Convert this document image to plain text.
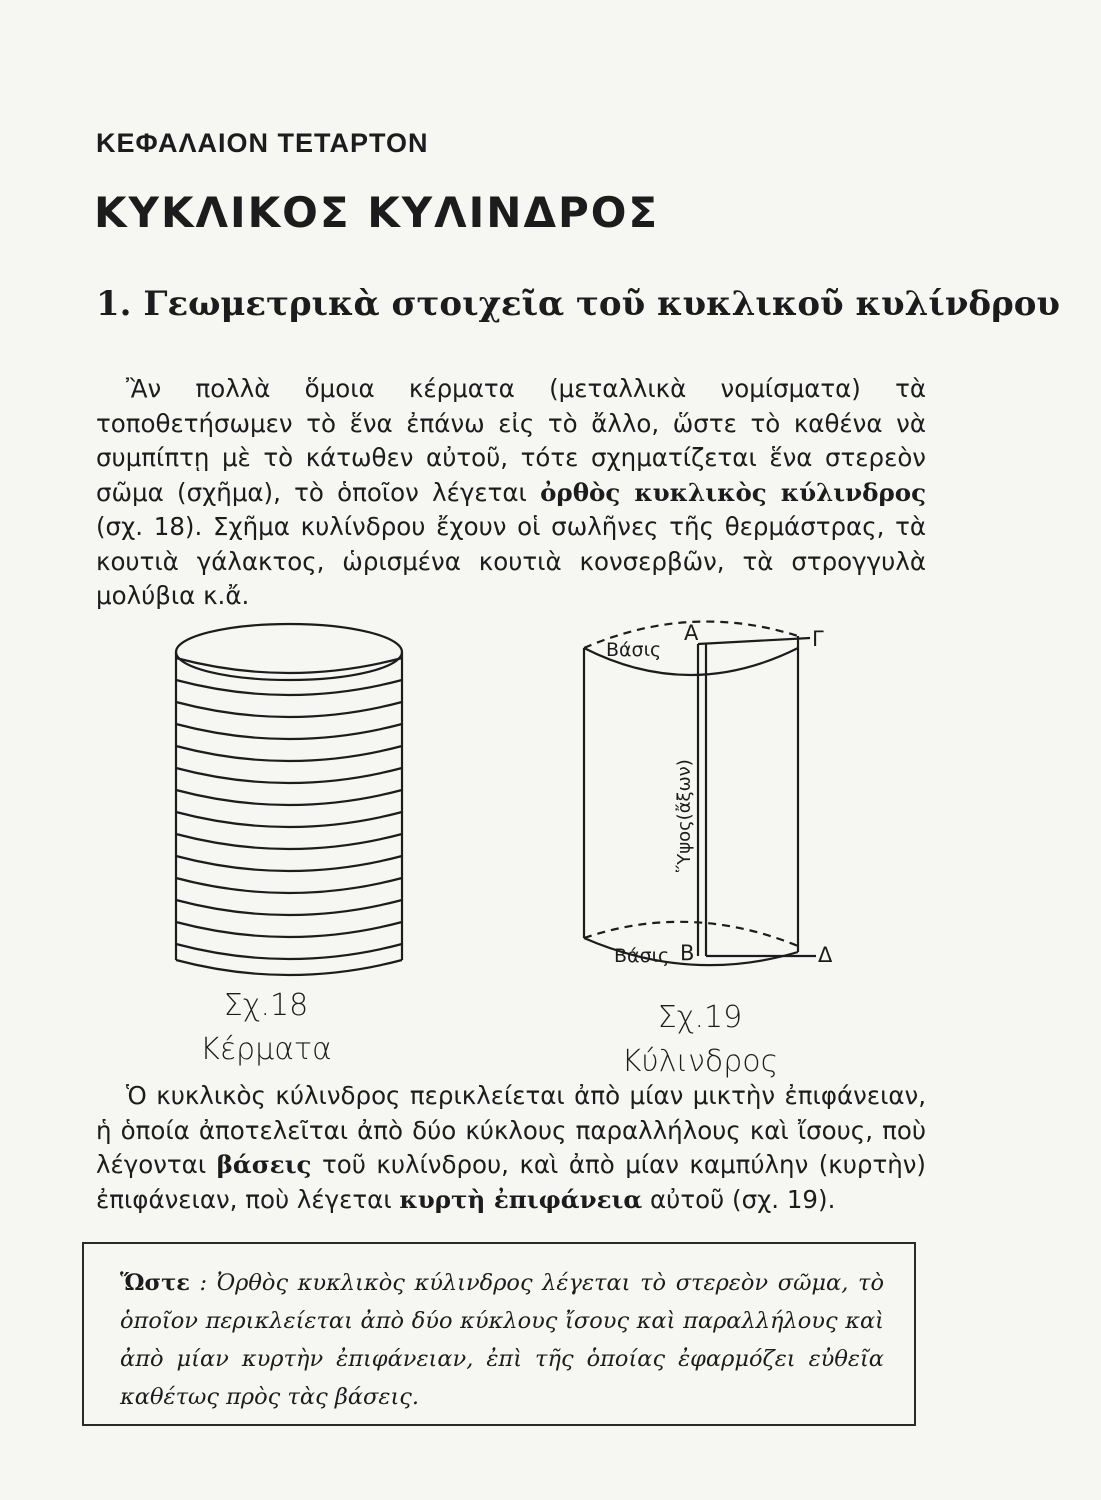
ΚΕΦΑΛΑΙΟΝ ΤΕΤΑΡΤΟΝ
ΚΥΚΛΙΚΟΣ ΚΥΛΙΝΔΡΟΣ
1. Γεωμετρικὰ στοιχεῖα τοῦ κυκλικοῦ κυλίνδρου
Ἂν πολλὰ ὅμοια κέρματα (μεταλλικὰ νομίσματα) τὰ τοποθετήσωμεν τὸ ἕνα ἐπάνω εἰς τὸ ἄλλο, ὥστε τὸ καθένα νὰ συμπίπτῃ μὲ τὸ κάτωθεν αὐτοῦ, τότε σχηματίζεται ἕνα στερεὸν σῶμα (σχῆμα), τὸ ὁποῖον λέγεται ὀρθὸς κυκλικὸς κύλινδρος (σχ. 18). Σχῆμα κυλίνδρου ἔχουν οἱ σωλῆνες τῆς θερμάστρας, τὰ κουτιὰ γάλακτος, ὡρισμένα κουτιὰ κονσερβῶν, τὰ στρογγυλὰ μολύβια κ.ἄ.
Σχ.18
Κέρματα
Βάσις
Α	Γ
Βάσις Β	Δ
Ὕψος(ἄξων)
Σχ.19
Κύλινδρος
Ὁ κυκλικὸς κύλινδρος περικλείεται ἀπὸ μίαν μικτὴν ἐπιφάνειαν, ἡ ὁποία ἀποτελεῖται ἀπὸ δύο κύκλους παραλλήλους καὶ ἴσους, ποὺ λέγονται βάσεις τοῦ κυλίνδρου, καὶ ἀπὸ μίαν καμπύλην (κυρτὴν) ἐπιφάνειαν, ποὺ λέγεται κυρτὴ ἐπιφάνεια αὐτοῦ (σχ. 19).
Ὥστε : Ὀρθὸς κυκλικὸς κύλινδρος λέγεται τὸ στερεὸν σῶμα, τὸ ὁποῖον περικλείεται ἀπὸ δύο κύκλους ἴσους καὶ παραλλήλους καὶ ἀπὸ μίαν κυρτὴν ἐπιφάνειαν, ἐπὶ τῆς ὁποίας ἐφαρμόζει εὐθεῖα καθέτως πρὸς τὰς βάσεις.
